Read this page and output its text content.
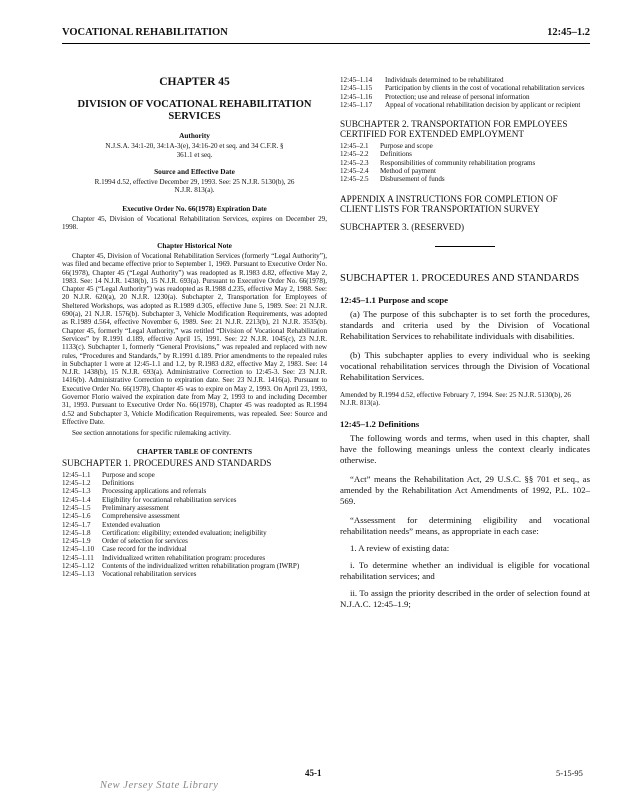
VOCATIONAL REHABILITATION	12:45–1.2

CHAPTER 45

DIVISION OF VOCATIONAL REHABILITATION SERVICES

Authority

N.J.S.A. 34:1-20, 34:1A-3(e), 34:16-20 et seq. and 34 C.F.R. § 361.1 et seq.

Source and Effective Date

R.1994 d.52, effective December 29, 1993. See: 25 N.J.R. 5130(b), 26 N.J.R. 813(a).

Executive Order No. 66(1978) Expiration Date

Chapter 45, Division of Vocational Rehabilitation Services, expires on December 29, 1998.

Chapter Historical Note

Chapter 45, Division of Vocational Rehabilitation Services (formerly “Legal Authority”), was filed and became effective prior to September 1, 1969. Pursuant to Executive Order No. 66(1978), Chapter 45 (“Legal Authority”) was readopted as R.1983 d.82, effective May 2, 1983. See: 14 N.J.R. 1438(b), 15 N.J.R. 693(a). Pursuant to Executive Order No. 66(1978), Chapter 45 (“Legal Authority”) was readopted as R.1988 d.235, effective May 2, 1988. See: 20 N.J.R. 620(a), 20 N.J.R. 1230(a). Subchapter 2, Transportation for Employees of Sheltered Workshops, was adopted as R.1989 d.305, effective June 5, 1989. See: 21 N.J.R. 690(a), 21 N.J.R. 1576(b). Subchapter 3, Vehicle Modification Requirements, was adopted as R.1989 d.564, effective November 6, 1989. See: 21 N.J.R. 2213(b), 21 N.J.R. 3535(b). Chapter 45, formerly “Legal Authority,” was retitled “Division of Vocational Rehabilitation Services” by R.1991 d.189, effective April 15, 1991. See: 22 N.J.R. 1045(c), 23 N.J.R. 1133(c). Subchapter 1, formerly “General Provisions,” was repealed and replaced with new rules, “Procedures and Standards,” by R.1991 d.189. Prior amendments to the repealed rules in Subchapter 1 were at 12:45-1.1 and 1.2, by R.1983 d.82, effective May 2, 1983. See: 14 N.J.R. 1438(b), 15 N.J.R. 693(a). Administrative Correction to 12:45-3. See: 23 N.J.R. 1416(b). Administrative Correction to expiration date. See: 23 N.J.R. 1416(a). Pursuant to Executive Order No. 66(1978), Chapter 45 was to expire on May 2, 1993. On April 23, 1993, Governor Florio waived the expiration date from May 2, 1993 to and including December 31, 1993. Pursuant to Executive Order No. 66(1978), Chapter 45 was readopted as R.1994 d.52 and Subchapter 3, Vehicle Modification Requirements, was repealed. See: Source and Effective Date.

See section annotations for specific rulemaking activity.

CHAPTER TABLE OF CONTENTS

SUBCHAPTER 1. PROCEDURES AND STANDARDS

12:45–1.1	Purpose and scope
12:45–1.2	Definitions
12:45–1.3	Processing applications and referrals
12:45–1.4	Eligibility for vocational rehabilitation services
12:45–1.5	Preliminary assessment
12:45–1.6	Comprehensive assessment
12:45–1.7	Extended evaluation
12:45–1.8	Certification: eligibility; extended evaluation; ineligibility
12:45–1.9	Order of selection for services
12:45–1.10	Case record for the individual
12:45–1.11	Individualized written rehabilitation program: procedures
12:45–1.12	Contents of the individualized written rehabilitation program (IWRP)
12:45–1.13	Vocational rehabilitation services
12:45–1.14	Individuals determined to be rehabilitated
12:45–1.15	Participation by clients in the cost of vocational rehabilitation services
12:45–1.16	Protection; use and release of personal information
12:45–1.17	Appeal of vocational rehabilitation decision by applicant or recipient

SUBCHAPTER 2. TRANSPORTATION FOR EMPLOYEES CERTIFIED FOR EXTENDED EMPLOYMENT

12:45–2.1	Purpose and scope
12:45–2.2	Definitions
12:45–2.3	Responsibilities of community rehabilitation programs
12:45–2.4	Method of payment
12:45–2.5	Disbursement of funds

APPENDIX A INSTRUCTIONS FOR COMPLETION OF CLIENT LISTS FOR TRANSPORTATION SURVEY

SUBCHAPTER 3. (RESERVED)

SUBCHAPTER 1. PROCEDURES AND STANDARDS

12:45–1.1 Purpose and scope

(a) The purpose of this subchapter is to set forth the procedures, standards and criteria used by the Division of Vocational Rehabilitation Services to rehabilitate individuals with disabilities.

(b) This subchapter applies to every individual who is seeking vocational rehabilitation services through the Division of Vocational Rehabilitation Services.

Amended by R.1994 d.52, effective February 7, 1994. See: 25 N.J.R. 5130(b), 26 N.J.R. 813(a).

12:45–1.2 Definitions

The following words and terms, when used in this chapter, shall have the following meanings unless the context clearly indicates otherwise.

“Act” means the Rehabilitation Act, 29 U.S.C. §§ 701 et seq., as amended by the Rehabilitation Act Amendments of 1992, P.L. 102–569.

“Assessment for determining eligibility and vocational rehabilitation needs” means, as appropriate in each case:

1. A review of existing data:

i. To determine whether an individual is eligible for vocational rehabilitation services; and

ii. To assign the priority described in the order of selection found at N.J.A.C. 12:45–1.9;

45-1	5-15-95
New Jersey State Library
